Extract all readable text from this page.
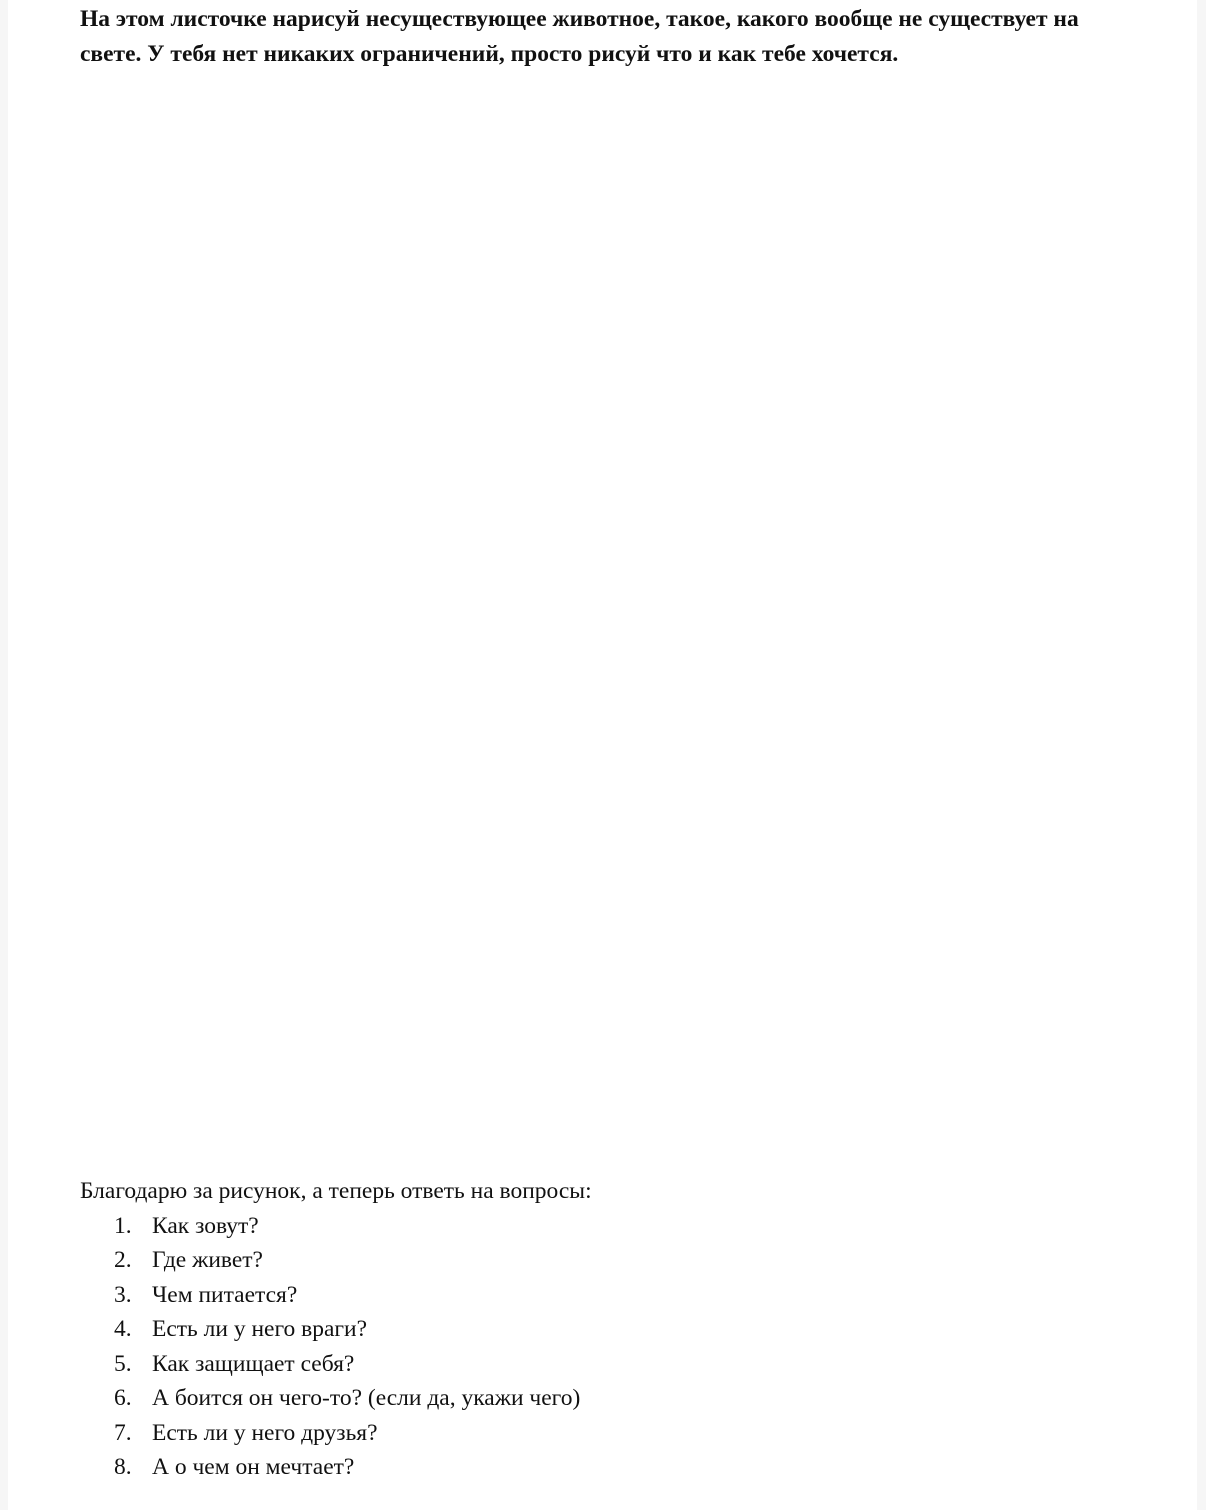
На этом листочке нарисуй несуществующее животное, такое, какого вообще не существует на свете. У тебя нет никаких ограничений, просто рисуй что и как тебе хочется.

Благодарю за рисунок, а теперь ответь на вопросы:

1. Как зовут?
2. Где живет?
3. Чем питается?
4. Есть ли у него враги?
5. Как защищает себя?
6. А боится он чего-то? (если да, укажи чего)
7. Есть ли у него друзья?
8. А о чем он мечтает?
